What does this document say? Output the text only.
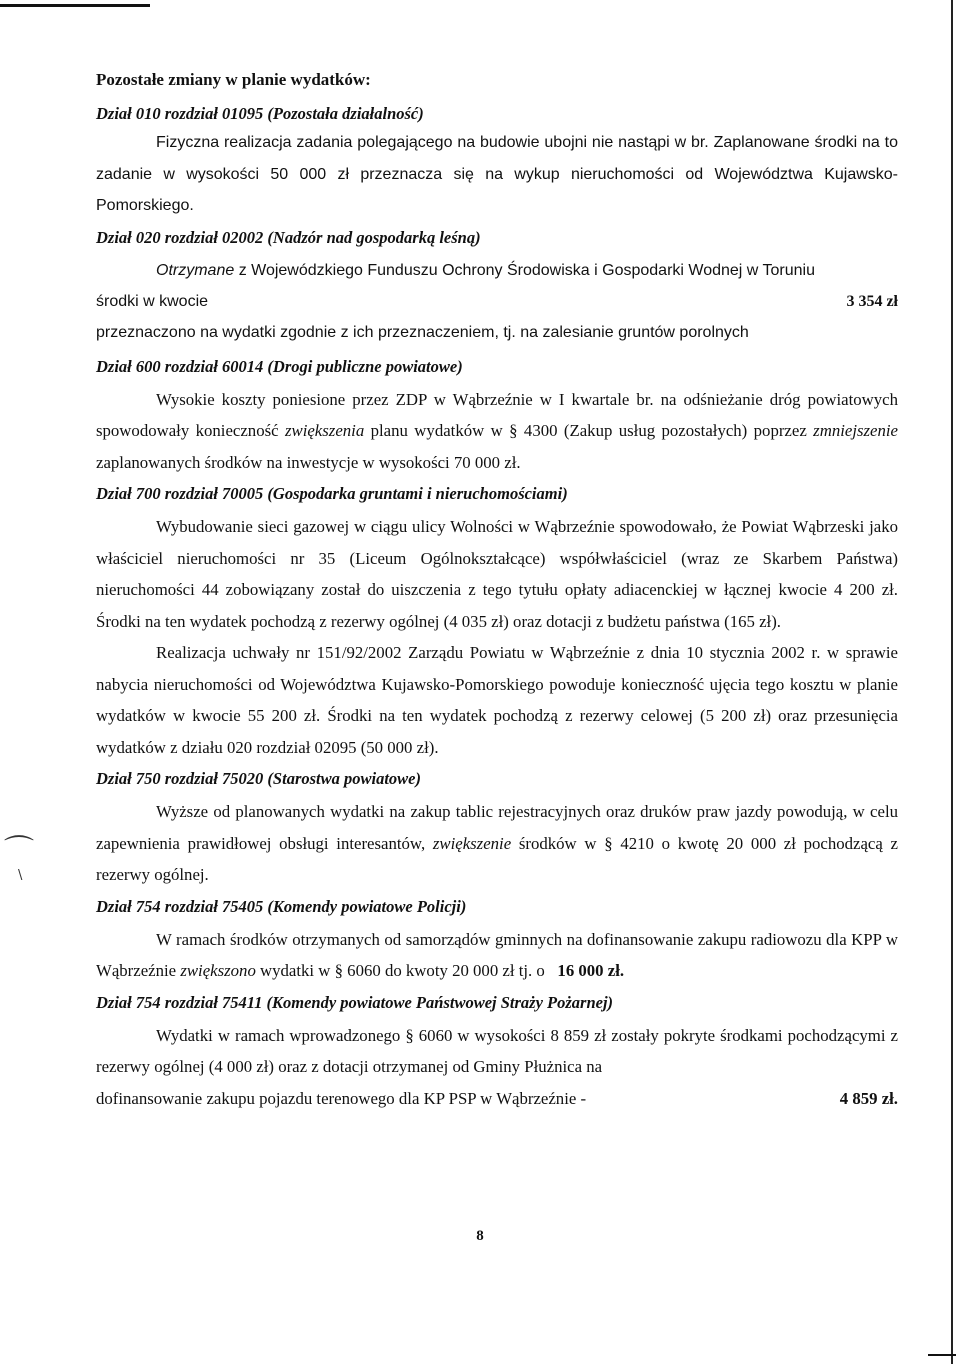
⌒
\

Pozostałe zmiany w planie wydatków:

Dział 010 rozdział 01095 (Pozostała działalność)

Fizyczna realizacja zadania polegającego na budowie ubojni nie nastąpi w br. Zaplanowane środki na to zadanie w wysokości 50 000 zł przeznacza się na wykup nieruchomości od Województwa Kujawsko-Pomorskiego.

Dział 020 rozdział 02002 (Nadzór nad gospodarką leśną)

Otrzymane z Wojewódzkiego Funduszu Ochrony Środowiska i Gospodarki Wodnej w Toruniu

środki w kwocie	3 354 zł

przeznaczono na wydatki zgodnie z ich przeznaczeniem, tj. na zalesianie gruntów porolnych

Dział 600 rozdział 60014 (Drogi publiczne powiatowe)

Wysokie koszty poniesione przez ZDP w Wąbrzeźnie w I kwartale br. na odśnieżanie dróg powiatowych spowodowały konieczność zwiększenia planu wydatków w § 4300 (Zakup usług pozostałych) poprzez zmniejszenie zaplanowanych środków na inwestycje w wysokości 70 000 zł.

Dział 700 rozdział 70005 (Gospodarka gruntami i nieruchomościami)

Wybudowanie sieci gazowej w ciągu ulicy Wolności w Wąbrzeźnie spowodowało, że Powiat Wąbrzeski jako właściciel nieruchomości nr 35 (Liceum Ogólnokształcące) współwłaściciel (wraz ze Skarbem Państwa) nieruchomości 44 zobowiązany został do uiszczenia z tego tytułu opłaty adiacenckiej w łącznej kwocie 4 200 zł. Środki na ten wydatek pochodzą z rezerwy ogólnej (4 035 zł) oraz dotacji z budżetu państwa (165 zł).

Realizacja uchwały nr 151/92/2002 Zarządu Powiatu w Wąbrzeźnie z dnia 10 stycznia 2002 r. w sprawie nabycia nieruchomości od Województwa Kujawsko-Pomorskiego powoduje konieczność ujęcia tego kosztu w planie wydatków w kwocie 55 200 zł. Środki na ten wydatek pochodzą z rezerwy celowej (5 200 zł) oraz przesunięcia wydatków z działu 020 rozdział 02095 (50 000 zł).

Dział 750 rozdział 75020 (Starostwa powiatowe)

Wyższe od planowanych wydatki na zakup tablic rejestracyjnych oraz druków praw jazdy powodują, w celu zapewnienia prawidłowej obsługi interesantów, zwiększenie środków w § 4210 o kwotę 20 000 zł pochodzącą z rezerwy ogólnej.

Dział 754 rozdział 75405 (Komendy powiatowe Policji)

W ramach środków otrzymanych od samorządów gminnych na dofinansowanie zakupu radiowozu dla KPP w Wąbrzeźnie zwiększono wydatki w § 6060 do kwoty 20 000 zł tj. o 16 000 zł.

Dział 754 rozdział 75411 (Komendy powiatowe Państwowej Straży Pożarnej)

Wydatki w ramach wprowadzonego § 6060 w wysokości 8 859 zł zostały pokryte środkami pochodzącymi z rezerwy ogólnej (4 000 zł) oraz z dotacji otrzymanej od Gminy Płużnica na

dofinansowanie zakupu pojazdu terenowego dla KP PSP w Wąbrzeźnie -	4 859 zł.
8
